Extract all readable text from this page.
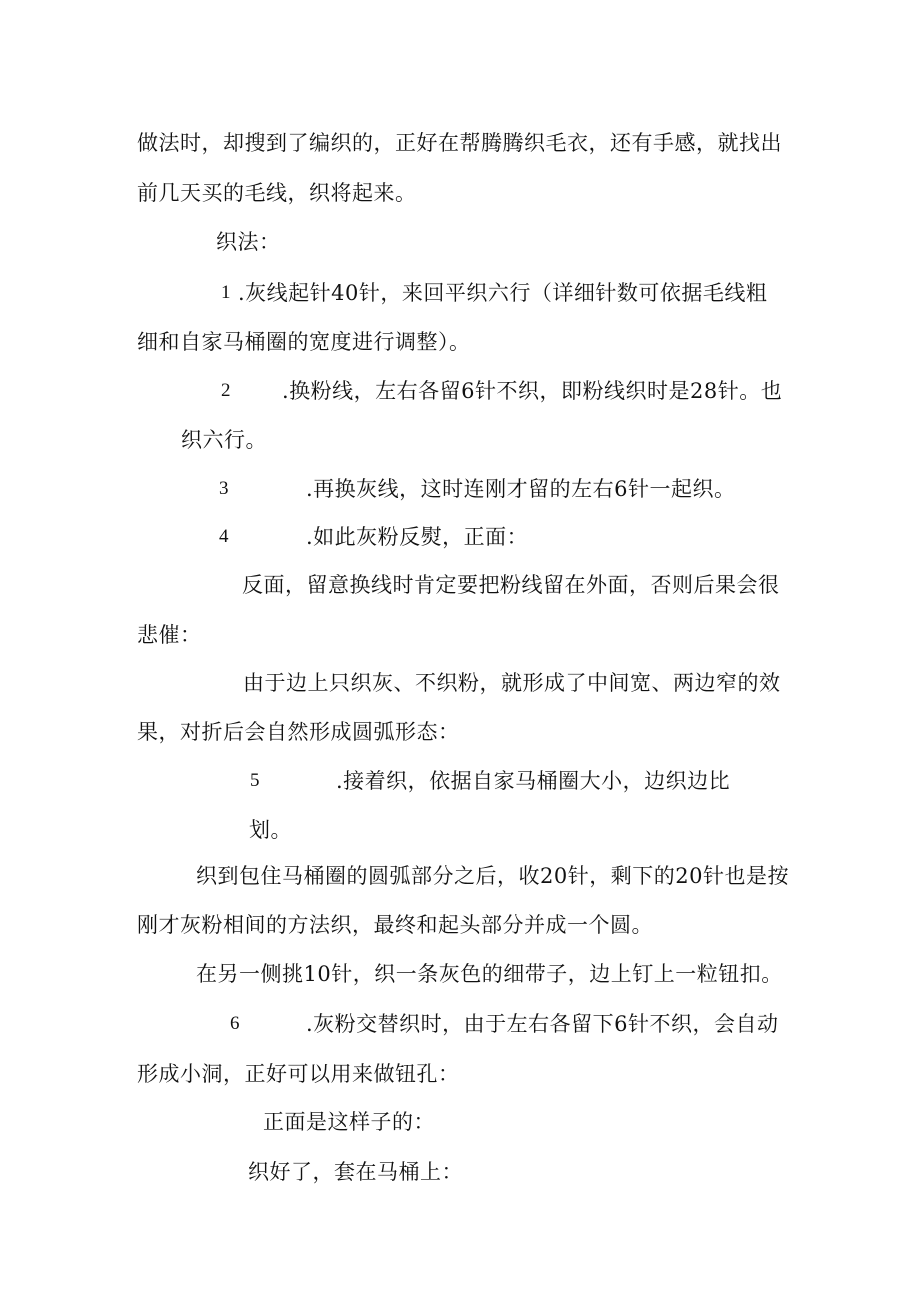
做法时，却搜到了编织的，正好在帮腾腾织毛衣，还有手感，就找出
前几天买的毛线，织将起来。
织法：
1 .灰线起针40针，来回平织六行（详细针数可依据毛线粗
细和自家马桶圈的宽度进行调整）。
2 .换粉线，左右各留6针不织，即粉线织时是28针。也
织六行。
3	.再换灰线，这时连刚才留的左右6针一起织。
4	.如此灰粉反熨，正面：
反面，留意换线时肯定要把粉线留在外面，否则后果会很
悲催：
由于边上只织灰、不织粉，就形成了中间宽、两边窄的效
果，对折后会自然形成圆弧形态：
5	.接着织，依据自家马桶圈大小，边织边比
划。
织到包住马桶圈的圆弧部分之后，收20针，剩下的20针也是按
刚才灰粉相间的方法织，最终和起头部分并成一个圆。
在另一侧挑10针，织一条灰色的细带子，边上钉上一粒钮扣。
6	.灰粉交替织时，由于左右各留下6针不织，会自动
形成小洞，正好可以用来做钮孔：
正面是这样子的：
织好了，套在马桶上：
